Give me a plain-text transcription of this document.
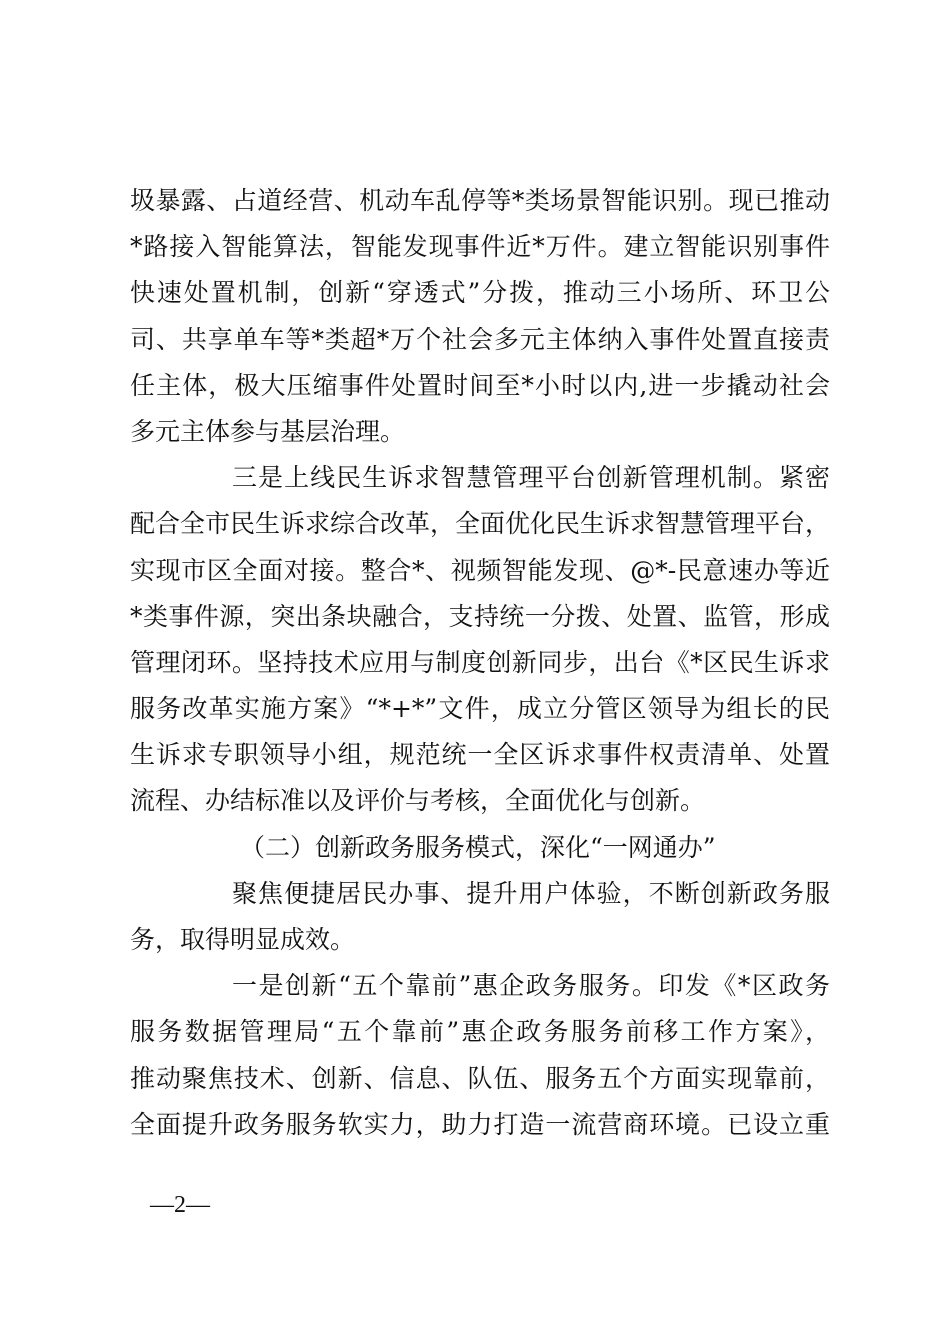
圾暴露、占道经营、机动车乱停等*类场景智能识别。现已推动
*路接入智能算法，智能发现事件近*万件。建立智能识别事件
快速处置机制，创新“穿透式”分拨，推动三小场所、环卫公
司、共享单车等*类超*万个社会多元主体纳入事件处置直接责
任主体，极大压缩事件处置时间至*小时以内,进一步撬动社会
多元主体参与基层治理。
三是上线民生诉求智慧管理平台创新管理机制。紧密
配合全市民生诉求综合改革，全面优化民生诉求智慧管理平台，
实现市区全面对接。整合*、视频智能发现、@*-民意速办等近
*类事件源，突出条块融合，支持统一分拨、处置、监管，形成
管理闭环。坚持技术应用与制度创新同步，出台《*区民生诉求
服务改革实施方案》“*+*”文件，成立分管区领导为组长的民
生诉求专职领导小组，规范统一全区诉求事件权责清单、处置
流程、办结标准以及评价与考核，全面优化与创新。
（二）创新政务服务模式，深化“一网通办”
聚焦便捷居民办事、提升用户体验，不断创新政务服
务，取得明显成效。
一是创新“五个靠前”惠企政务服务。印发《*区政务
服务数据管理局“五个靠前”惠企政务服务前移工作方案》，
推动聚焦技术、创新、信息、队伍、服务五个方面实现靠前，
全面提升政务服务软实力，助力打造一流营商环境。已设立重
—2—
